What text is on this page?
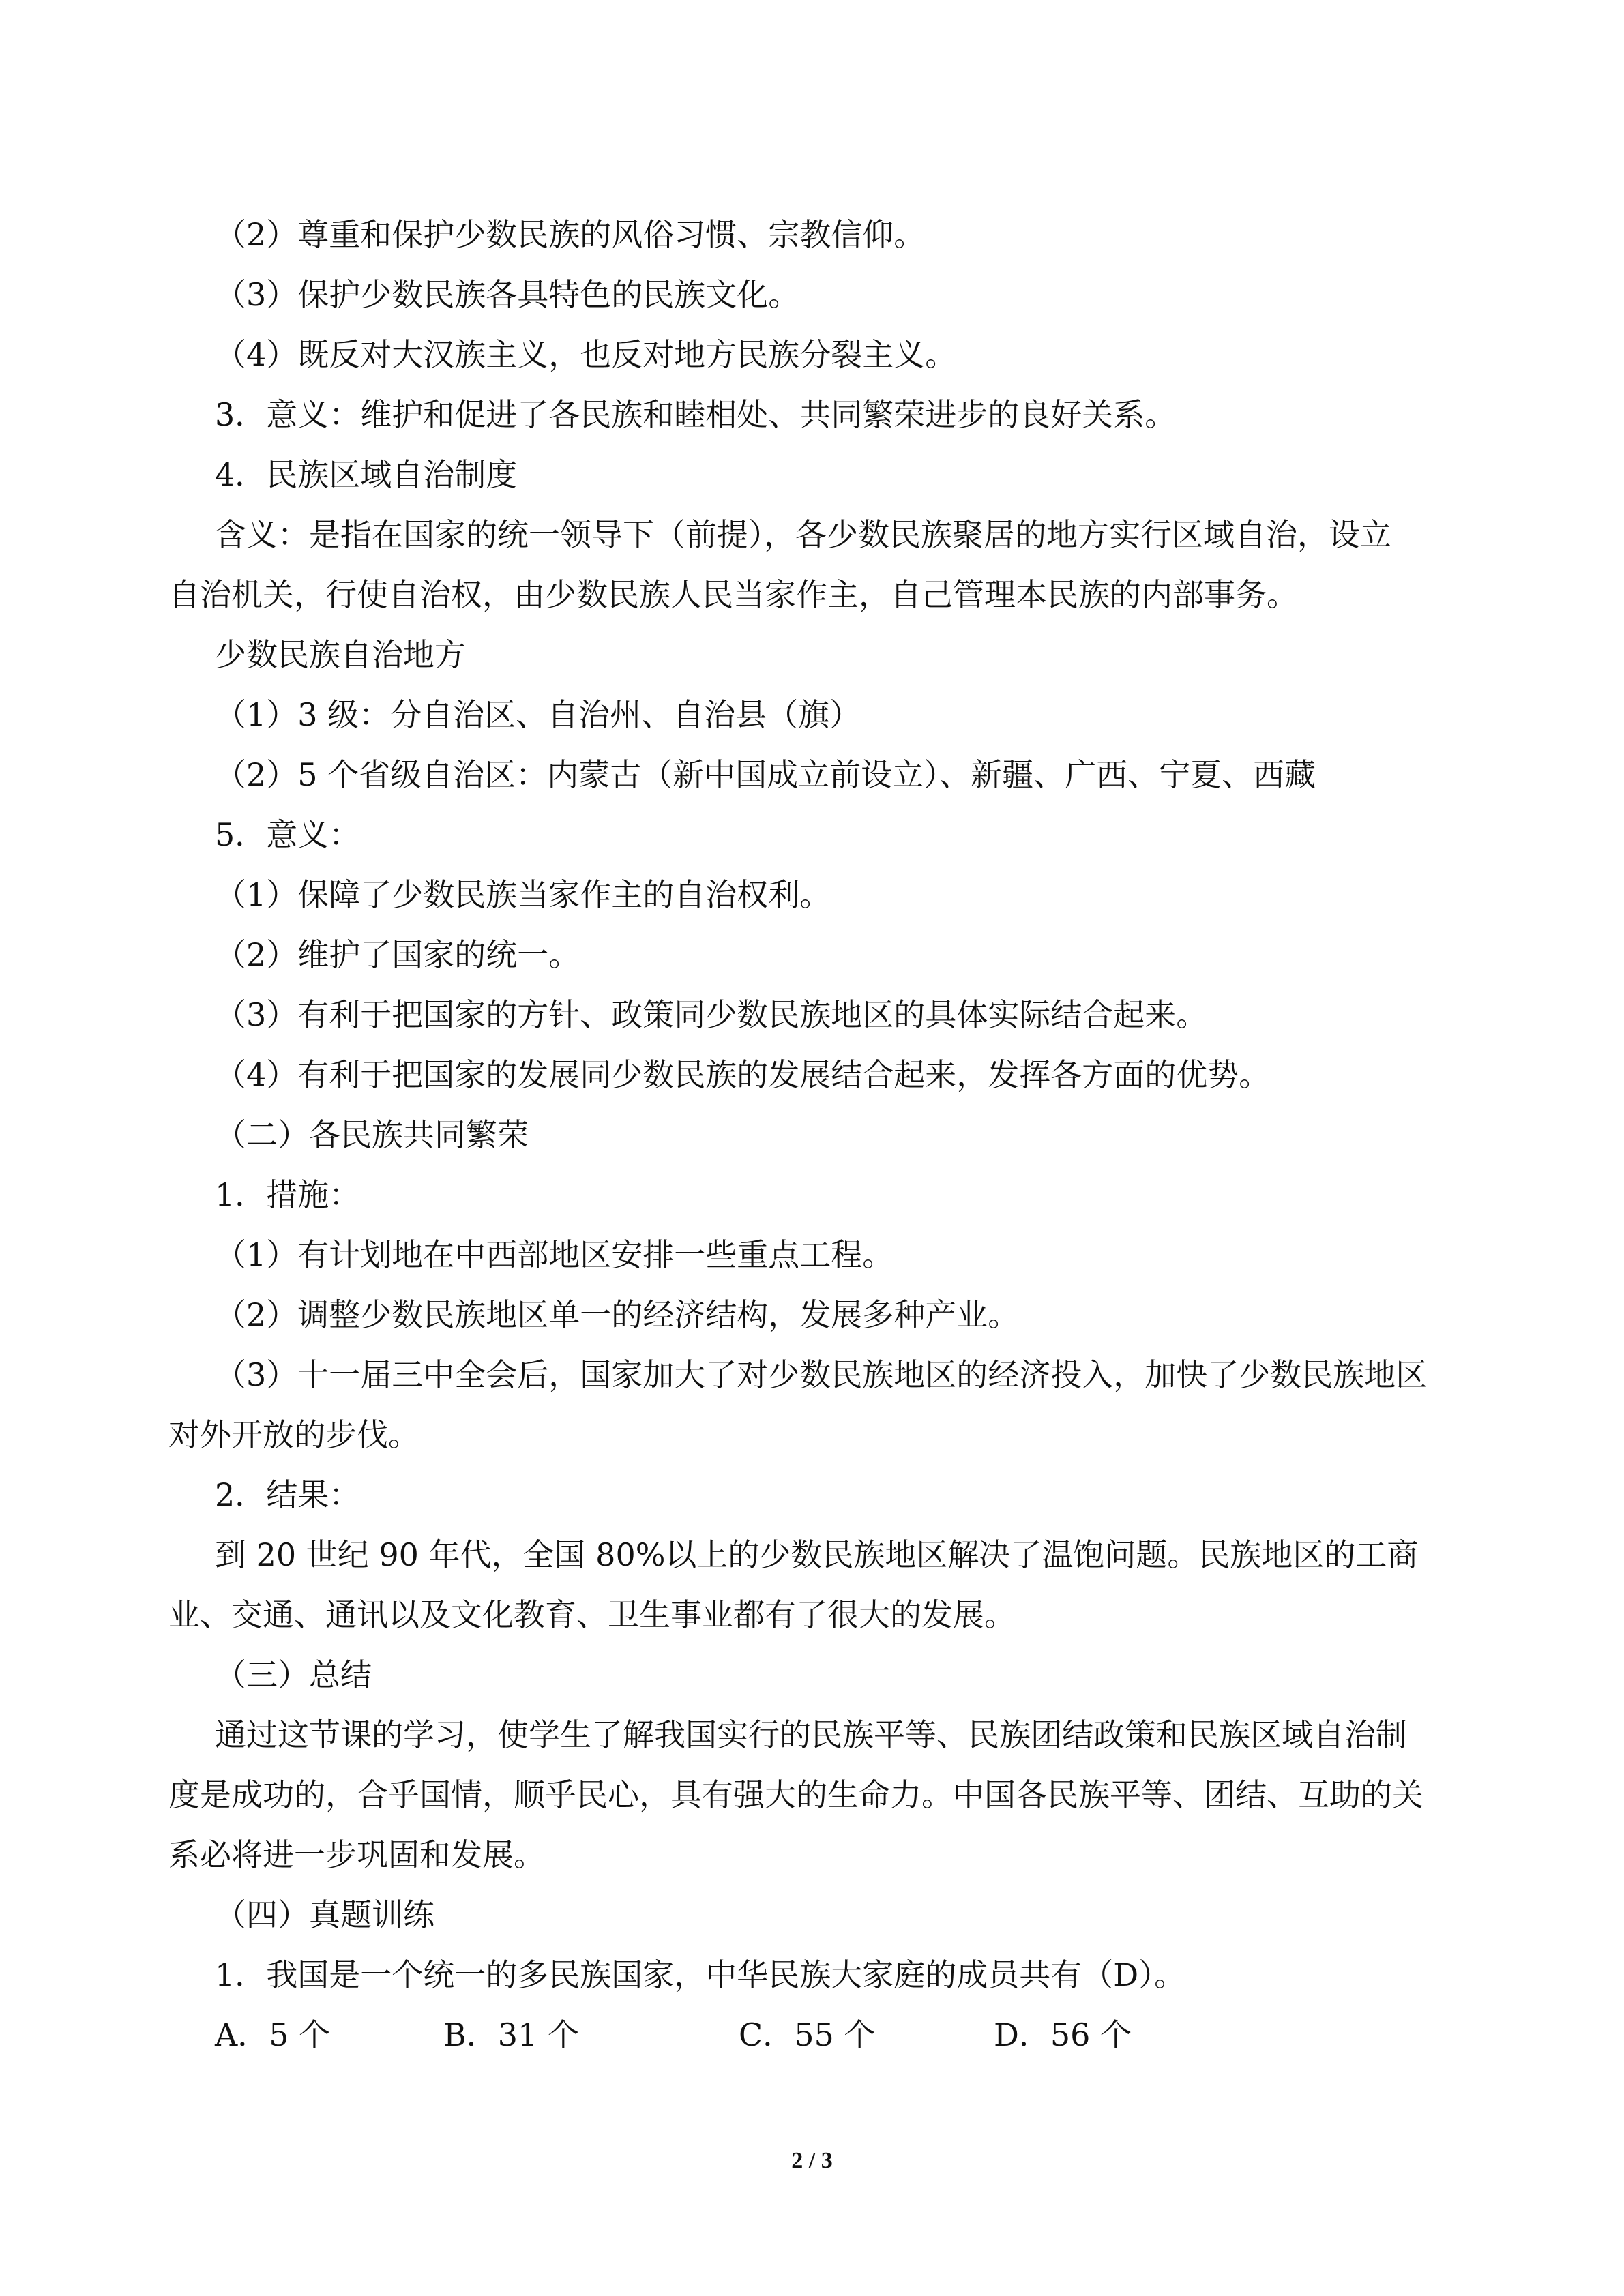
（2）尊重和保护少数民族的风俗习惯、宗教信仰。
（3）保护少数民族各具特色的民族文化。
（4）既反对大汉族主义，也反对地方民族分裂主义。
3．意义：维护和促进了各民族和睦相处、共同繁荣进步的良好关系。
4．民族区域自治制度
含义：是指在国家的统一领导下（前提），各少数民族聚居的地方实行区域自治，设立
自治机关，行使自治权，由少数民族人民当家作主，自己管理本民族的内部事务。
少数民族自治地方
（1）3 级：分自治区、自治州、自治县（旗）
（2）5 个省级自治区：内蒙古（新中国成立前设立）、新疆、广西、宁夏、西藏
5．意义：
（1）保障了少数民族当家作主的自治权利。
（2）维护了国家的统一。
（3）有利于把国家的方针、政策同少数民族地区的具体实际结合起来。
（4）有利于把国家的发展同少数民族的发展结合起来，发挥各方面的优势。
（二）各民族共同繁荣
1．措施：
（1）有计划地在中西部地区安排一些重点工程。
（2）调整少数民族地区单一的经济结构，发展多种产业。
（3）十一届三中全会后，国家加大了对少数民族地区的经济投入，加快了少数民族地区
对外开放的步伐。
2．结果：
到 20 世纪 90 年代，全国 80%以上的少数民族地区解决了温饱问题。民族地区的工商
业、交通、通讯以及文化教育、卫生事业都有了很大的发展。
（三）总结
通过这节课的学习，使学生了解我国实行的民族平等、民族团结政策和民族区域自治制
度是成功的，合乎国情，顺乎民心，具有强大的生命力。中国各民族平等、团结、互助的关
系必将进一步巩固和发展。
（四）真题训练
1．我国是一个统一的多民族国家，中华民族大家庭的成员共有（D）。
A．5 个	B．31 个	C．55 个	D．56 个
2 / 3
